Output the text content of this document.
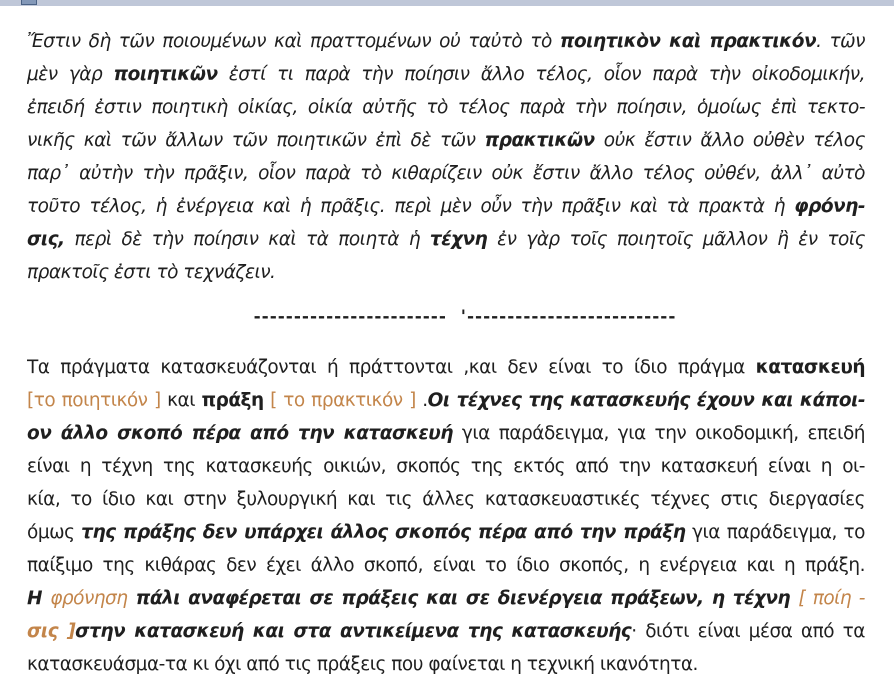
Ἔστιν δὴ τῶν ποιουμένων καὶ πραττομένων οὐ ταὐτὸ τὸ ποιητικὸν καὶ πρακτικόν. τῶν
μὲν γὰρ ποιητικῶν ἐστί τι παρὰ τὴν ποίησιν ἄλλο τέλος, οἷον παρὰ τὴν οἰκοδομικήν,
ἐπειδή ἐστιν ποιητικὴ οἰκίας, οἰκία αὐτῆς τὸ τέλος παρὰ τὴν ποίησιν, ὁμοίως ἐπὶ τεκτο-
νικῆς καὶ τῶν ἄλλων τῶν ποιητικῶν ἐπὶ δὲ τῶν πρακτικῶν οὐκ ἔστιν ἄλλο οὐθὲν τέλος
παρ᾽ αὐτὴν τὴν πρᾶξιν, οἷον παρὰ τὸ κιθαρίζειν οὐκ ἔστιν ἄλλο τέλος οὐθέν, ἀλλ᾽ αὐτὸ
τοῦτο τέλος, ἡ ἐνέργεια καὶ ἡ πρᾶξις. περὶ μὲν οὖν τὴν πρᾶξιν καὶ τὰ πρακτὰ ἡ φρόνη-
σις, περὶ δὲ τὴν ποίησιν καὶ τὰ ποιητὰ ἡ τέχνη ἐν γὰρ τοῖς ποιητοῖς μᾶλλον ἢ ἐν τοῖς
πρακτοῖς ἐστι τὸ τεχνάζειν.
------------------------  '--------------------------
Τα πράγματα κατασκευάζονται ή πράττονται ,και δεν είναι το ίδιο πράγμα κατασκευή
[το ποιητικόν ] και πράξη [ το πρακτικόν ] .Οι τέχνες της κατασκευής έχουν και κάποι-
ον άλλο σκοπό πέρα από την κατασκευή για παράδειγμα, για την οικοδομική, επειδή
είναι η τέχνη της κατασκευής οικιών, σκοπός της εκτός από την κατασκευή είναι η οι-
κία, το ίδιο και στην ξυλουργική και τις άλλες κατασκευαστικές τέχνες στις διεργασίες
όμως της πράξης δεν υπάρχει άλλος σκοπός πέρα από την πράξη για παράδειγμα, το
παίξιμο της κιθάρας δεν έχει άλλο σκοπό, είναι το ίδιο σκοπός, η ενέργεια και η πράξη.
Η φρόνηση πάλι αναφέρεται σε πράξεις και σε διενέργεια πράξεων, η τέχνη [ ποίη -
σις ]στην κατασκευή και στα αντικείμενα της κατασκευής· διότι είναι μέσα από τα
κατασκευάσμα-τα κι όχι από τις πράξεις που φαίνεται η τεχνική ικανότητα.
